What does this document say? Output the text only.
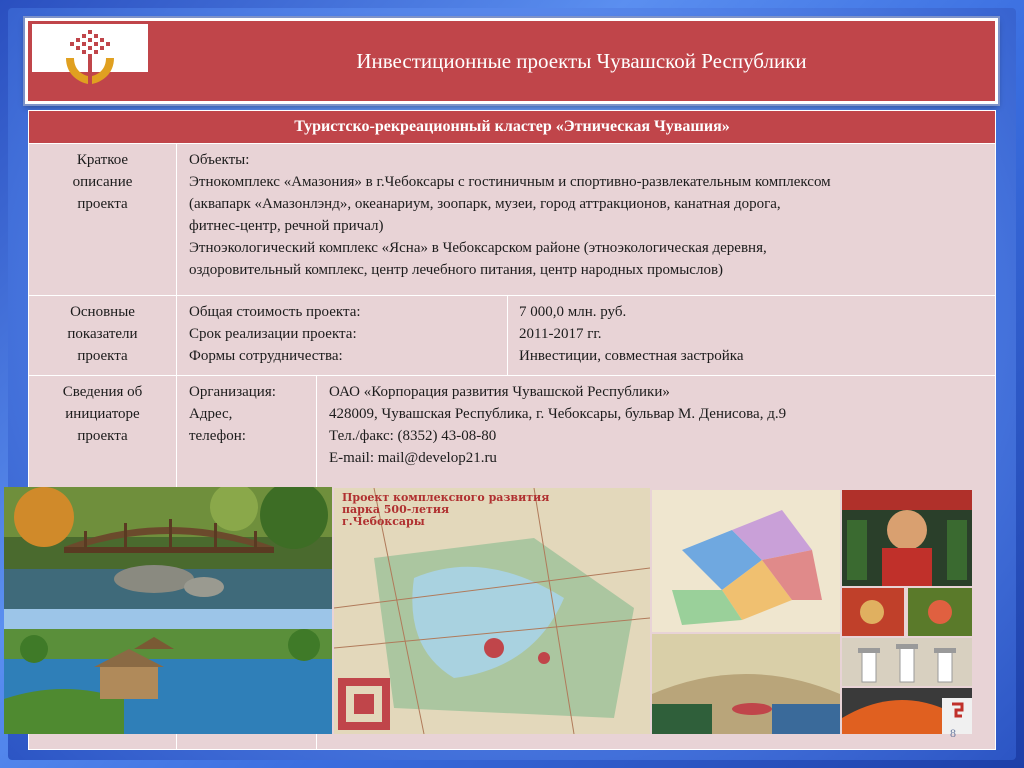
Инвестиционные проекты Чувашской Республики
Туристско-рекреационный кластер «Этническая Чувашия»
Краткое
описание
проекта
Объекты:
Этнокомплекс «Амазония» в г.Чебоксары с гостиничным и спортивно-развлекательным комплексом
(аквапарк «Амазонлэнд», океанариум, зоопарк, музеи, город аттракционов, канатная дорога,
фитнес-центр, речной причал)
Этноэкологический комплекс «Ясна» в Чебоксарском районе (этноэкологическая деревня,
оздоровительный комплекс, центр лечебного питания, центр народных промыслов)
Основные
показатели
проекта
Общая стоимость проекта:
Срок реализации проекта:
Формы сотрудничества:
7 000,0 млн. руб.
2011-2017 гг.
Инвестиции, совместная застройка
Сведения об
инициаторе
проекта
Организация:
Адрес,
телефон:
ОАО «Корпорация развития Чувашской Республики»
428009, Чувашская Республика, г. Чебоксары, бульвар М. Денисова, д.9
Тел./факс: (8352) 43-08-80
E-mail: mail@develop21.ru
Проект комплексного развития
парка 500-летия
г.Чебоксары
8
